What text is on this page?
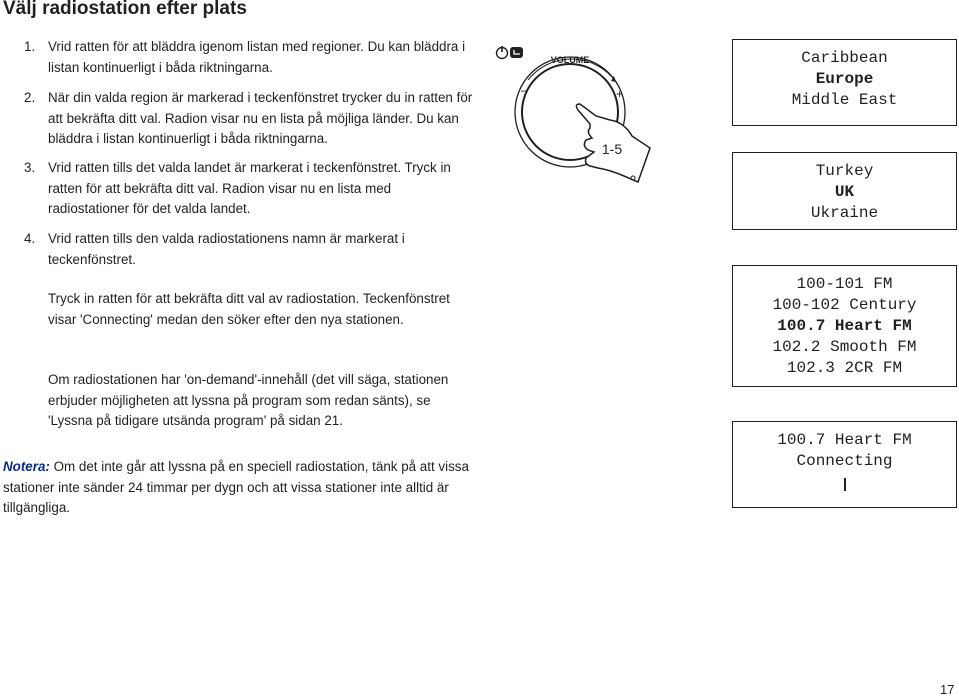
Välj radiostation efter plats
1. Vrid ratten för att bläddra igenom listan med regioner. Du kan bläddra i listan kontinuerligt i båda riktningarna.
2. När din valda region är markerad i teckenfönstret trycker du in ratten för att bekräfta ditt val. Radion visar nu en lista på möjliga länder. Du kan bläddra i listan kontinuerligt i båda riktningarna.
3. Vrid ratten tills det valda landet är markerat i teckenfönstret. Tryck in ratten för att bekräfta ditt val. Radion visar nu en lista med radiostationer för det valda landet.
4. Vrid ratten tills den valda radiostationens namn är markerat i teckenfönstret.
Tryck in ratten för att bekräfta ditt val av radiostation. Teckenfönstret visar 'Connecting' medan den söker efter den nya stationen.
Om radiostationen har 'on-demand'-innehåll (det vill säga, stationen erbjuder möjligheten att lyssna på program som redan sänts), se 'Lyssna på tidigare utsända program' på sidan 21.
Notera: Om det inte går att lyssna på en speciell radiostation, tänk på att vissa stationer inte sänder 24 timmar per dygn och att vissa stationer inte alltid är tillgängliga.
VOLUME
–	+
1-5
Caribbean
Europe
Middle East
Turkey
UK
Ukraine
100-101 FM
100-102 Century
100.7 Heart FM
102.2 Smooth FM
102.3 2CR FM
100.7 Heart FM
Connecting
17
